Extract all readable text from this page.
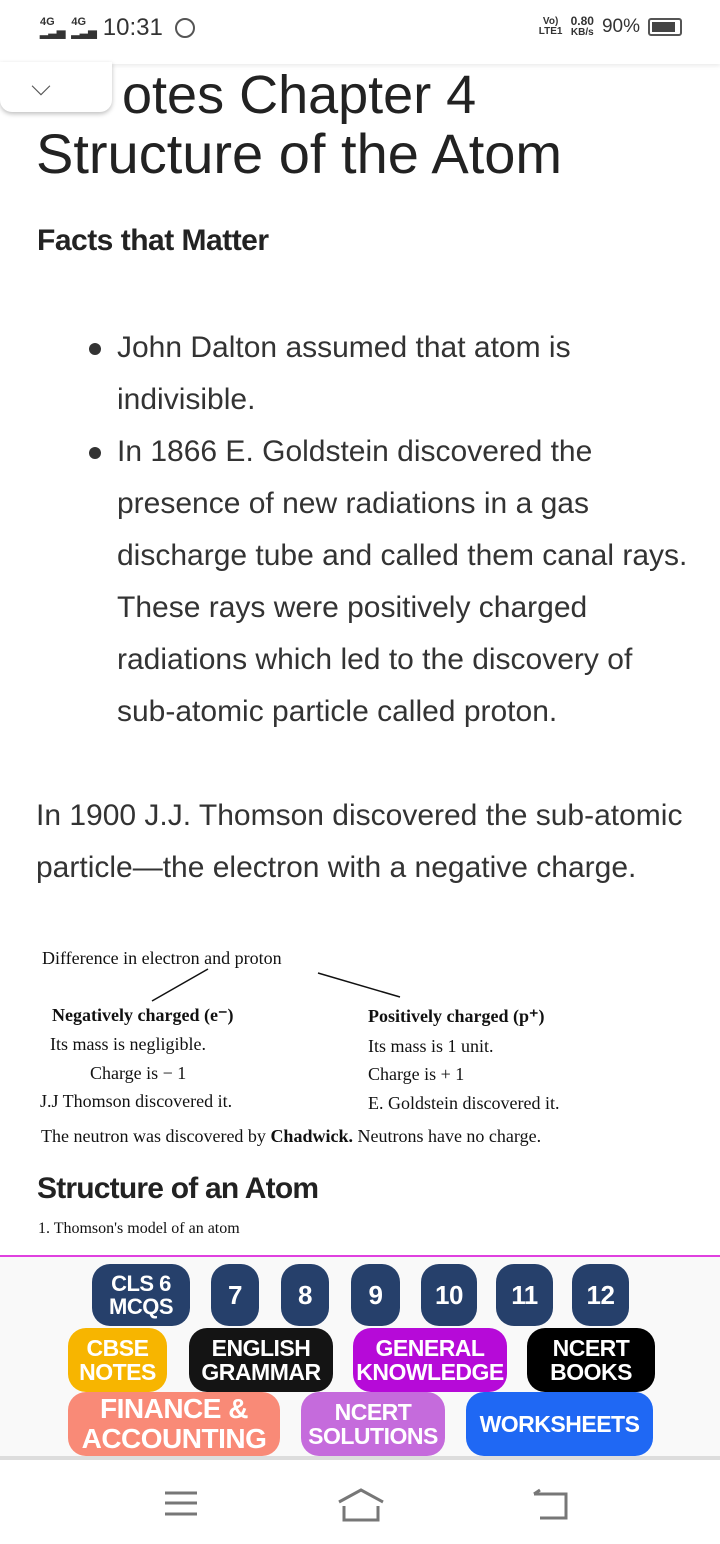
4G
▂▃▅
4G
▂▃▅ 10:31	Vo) LTE1
0.80
KB/s 90%
⌵ otes Chapter 4
Structure of the Atom
Facts that Matter
John Dalton assumed that atom is indivisible.
In 1866 E. Goldstein discovered the presence of new radiations in a gas discharge tube and called them canal rays. These rays were positively charged radiations which led to the discovery of sub-atomic particle called proton.
In 1900 J.J. Thomson discovered the sub-atomic particle—the electron with a negative charge.
Difference in electron and proton
Negatively charged (e⁻)
Its mass is negligible.
Charge is − 1
J.J Thomson discovered it.
Positively charged (p⁺)
Its mass is 1 unit.
Charge is + 1
E. Goldstein discovered it.
The neutron was discovered by Chadwick. Neutrons have no charge.
Structure of an Atom
1. Thomson's model of an atom
CLS 6 MCQS	7	8	9	10	11	12
CBSE NOTES
ENGLISH GRAMMAR
GENERAL KNOWLEDGE
NCERT BOOKS
FINANCE & ACCOUNTING
NCERT SOLUTIONS	WORKSHEETS
